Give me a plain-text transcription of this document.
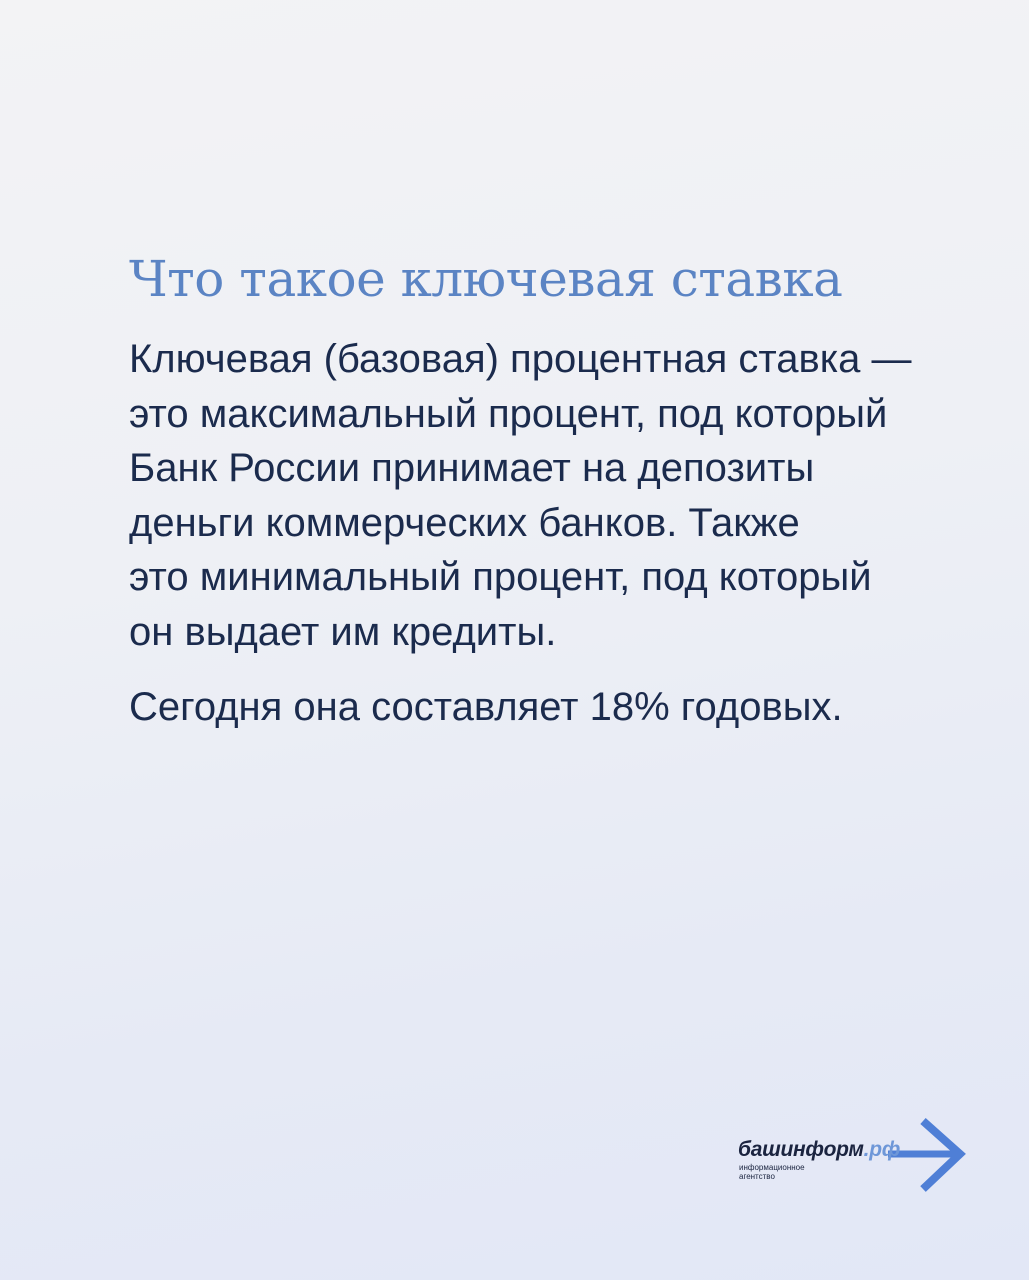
Что такое ключевая ставка
Ключевая (базовая) процентная ставка —
это максимальный процент, под который
Банк России принимает на депозиты
деньги коммерческих банков. Также
это минимальный процент, под который
он выдает им кредиты.

Сегодня она составляет 18% годовых.

башинформ.рф
информационное
агентство
